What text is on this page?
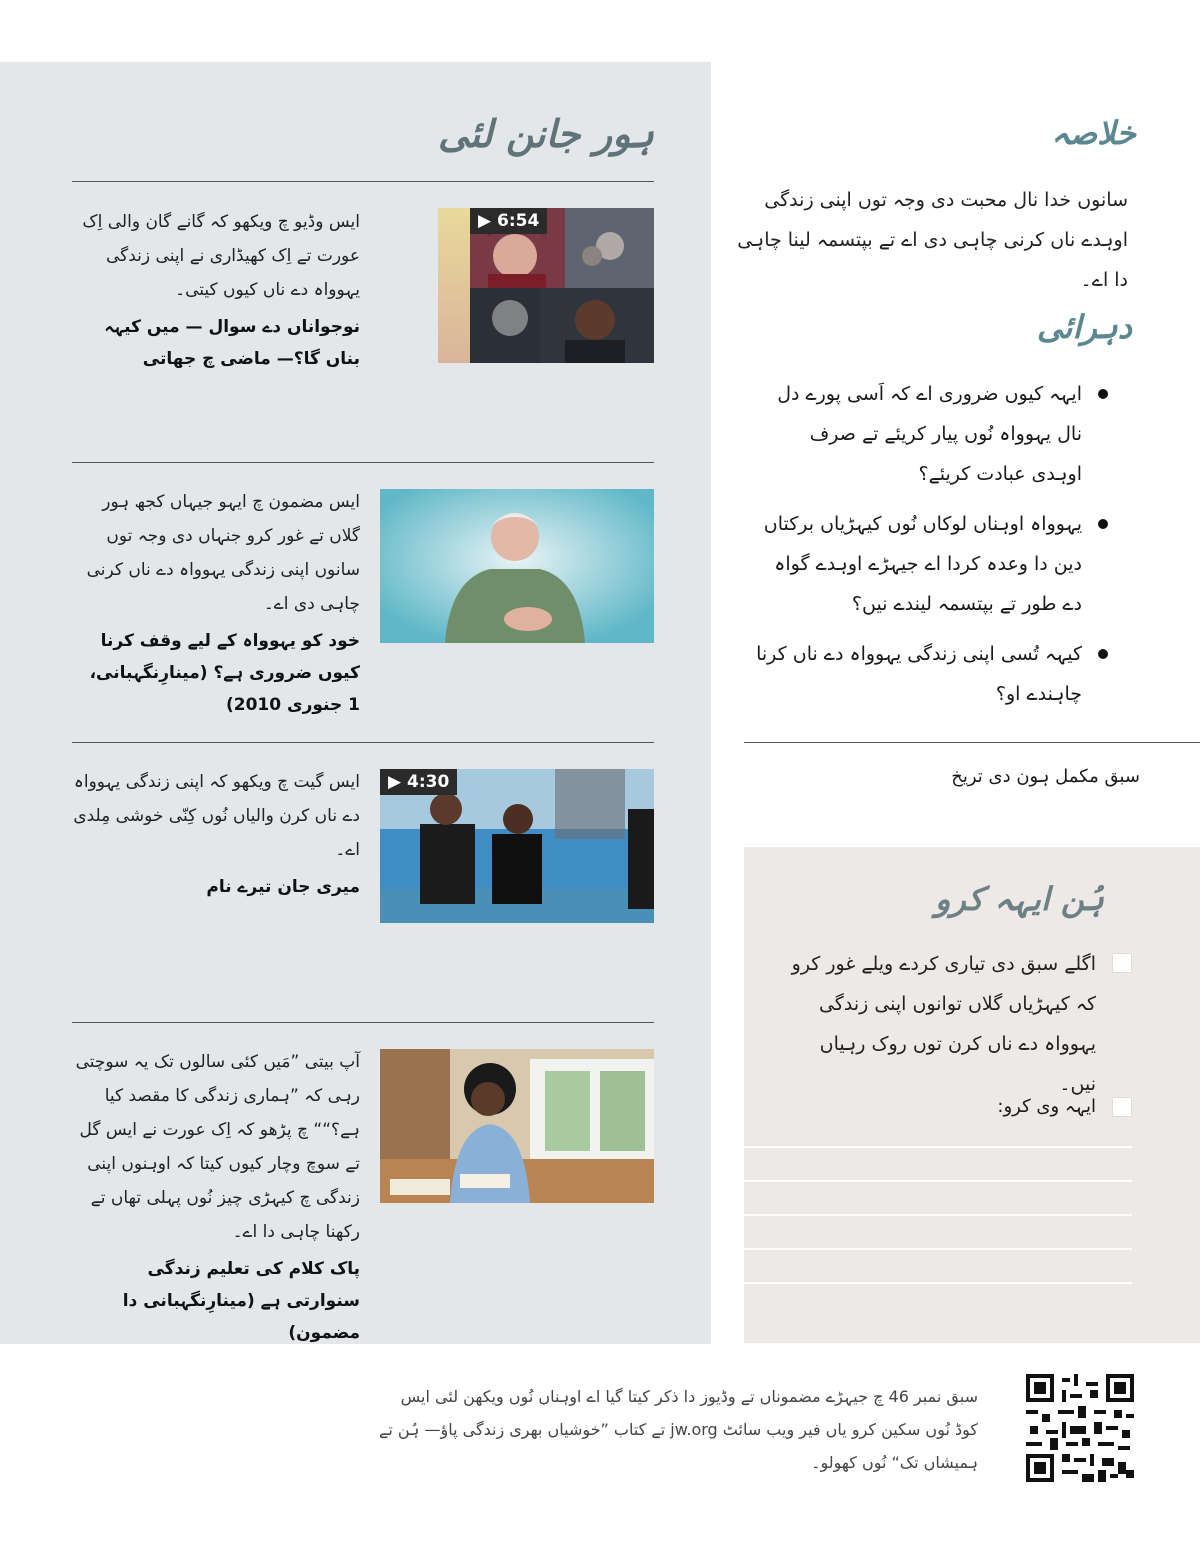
ہور جانن لئی
▶ 6:54
ایس وڈیو چ ویکھو کہ گانے گان والی اِک عورت تے اِک کھیڈاری نے اپنی زندگی یہوواہ دے ناں کیوں کیتی۔
نوجواناں دے سوال — میں کیہہ بناں گا؟— ماضی چ جھاتی
ایس مضمون چ ایہو جیہاں کجھ ہور گلاں تے غور کرو جنہاں دی وجہ توں سانوں اپنی زندگی یہوواہ دے ناں کرنی چاہی دی اے۔
خود کو یہوواہ کے لیے وقف کرنا کیوں ضروری ہے؟ (مینارِنگہبانی، 1 جنوری 2010)
▶ 4:30
ایس گیت چ ویکھو کہ اپنی زندگی یہوواہ دے ناں کرن والیاں نُوں کِنّی خوشی مِلدی اے۔
میری جان تیرے نام
آپ بیتی ”مَیں کئی سالوں تک یہ سوچتی رہی کہ ”ہماری زندگی کا مقصد کیا ہے؟““ چ پڑھو کہ اِک عورت نے ایس گل تے سوچ وچار کیوں کیتا کہ اوہنوں اپنی زندگی چ کیہڑی چیز نُوں پہلی تھاں تے رکھنا چاہی دا اے۔
پاک کلام کی تعلیم زندگی سنوارتی ہے (مینارِنگہبانی دا مضمون)
خلاصہ
سانوں خدا نال محبت دی وجہ توں اپنی زندگی اوہدے ناں کرنی چاہی دی اے تے بپتسمہ لینا چاہی دا اے۔
دہرائی
ایہہ کیوں ضروری اے کہ اَسی پورے دل نال یہوواہ نُوں پیار کریئے تے صرف اوہدی عبادت کریئے؟
یہوواہ اوہناں لوکاں نُوں کیہڑیاں برکتاں دین دا وعدہ کردا اے جیہڑے اوہدے گواہ دے طور تے بپتسمہ لیندے نیں؟
کیہہ تُسی اپنی زندگی یہوواہ دے ناں کرنا چاہندے او؟
سبق مکمل ہون دی تریخ
ہُن ایہہ کرو
اگلے سبق دی تیاری کردے ویلے غور کرو کہ کیہڑیاں گلاں توانوں اپنی زندگی یہوواہ دے ناں کرن توں روک رہیاں نیں۔
ایہہ وی کرو:
سبق نمبر 46 چ جیہڑے مضموناں تے وڈیوز دا ذکر کیتا گیا اے اوہناں نُوں ویکھن لئی ایس کوڈ نُوں سکین کرو یاں فیر ویب سائٹ jw.org تے کتاب ”خوشیاں بھری زندگی پاؤ— ہُن تے ہمیشاں تک“ نُوں کھولو۔
